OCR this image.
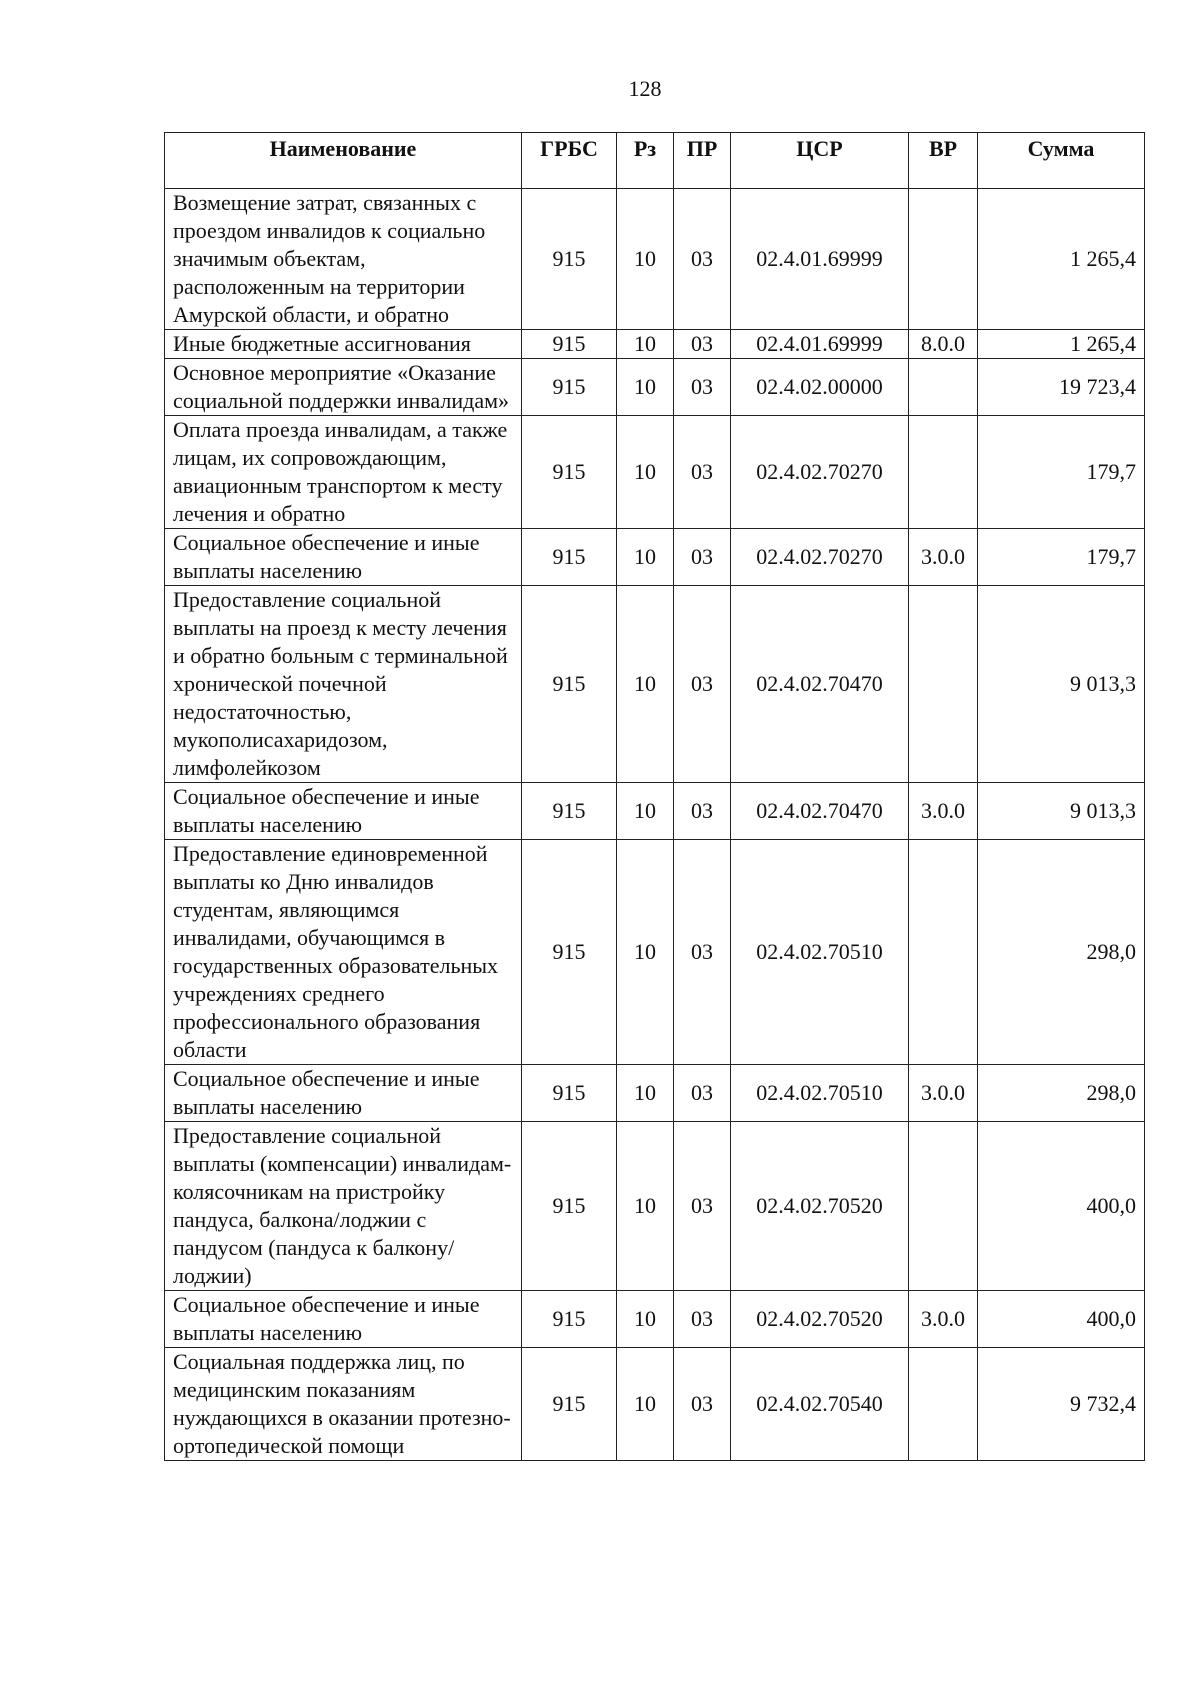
128
Наименование	ГРБС	Рз	ПР	ЦСР	ВР	Сумма
Возмещение затрат, связанных с проездом инвалидов к социально значимым объектам, расположенным на территории Амурской области, и обратно	915	10	03	02.4.01.69999		1 265,4
Иные бюджетные ассигнования	915	10	03	02.4.01.69999	8.0.0	1 265,4
Основное мероприятие «Оказание социальной поддержки инвалидам»	915	10	03	02.4.02.00000		19 723,4
Оплата проезда инвалидам, а также лицам, их сопровождающим, авиационным транспортом к месту лечения и обратно	915	10	03	02.4.02.70270		179,7
Социальное обеспечение и иные выплаты населению	915	10	03	02.4.02.70270	3.0.0	179,7
Предоставление социальной выплаты на проезд к месту лечения и обратно больным с терминальной хронической почечной недостаточностью, мукополисахаридозом, лимфолейкозом	915	10	03	02.4.02.70470		9 013,3
Социальное обеспечение и иные выплаты населению	915	10	03	02.4.02.70470	3.0.0	9 013,3
Предоставление единовременной выплаты ко Дню инвалидов студентам, являющимся инвалидами, обучающимся в государственных образовательных учреждениях среднего профессионального образования области	915	10	03	02.4.02.70510		298,0
Социальное обеспечение и иные выплаты населению	915	10	03	02.4.02.70510	3.0.0	298,0
Предоставление социальной выплаты (компенсации) инвалидам-колясочникам на пристройку пандуса, балкона/лоджии с пандусом (пандуса к балкону/лоджии)	915	10	03	02.4.02.70520		400,0
Социальное обеспечение и иные выплаты населению	915	10	03	02.4.02.70520	3.0.0	400,0
Социальная поддержка лиц, по медицинским показаниям нуждающихся в оказании протезно-ортопедической помощи	915	10	03	02.4.02.70540		9 732,4
